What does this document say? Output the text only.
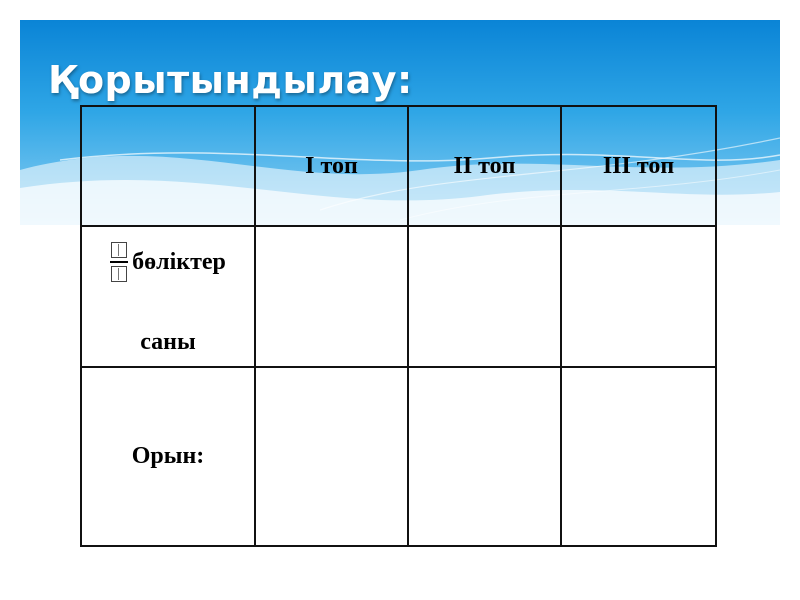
Қорытындылау:
	I топ	II топ	III топ

бөліктер
саны			

Орын:			
